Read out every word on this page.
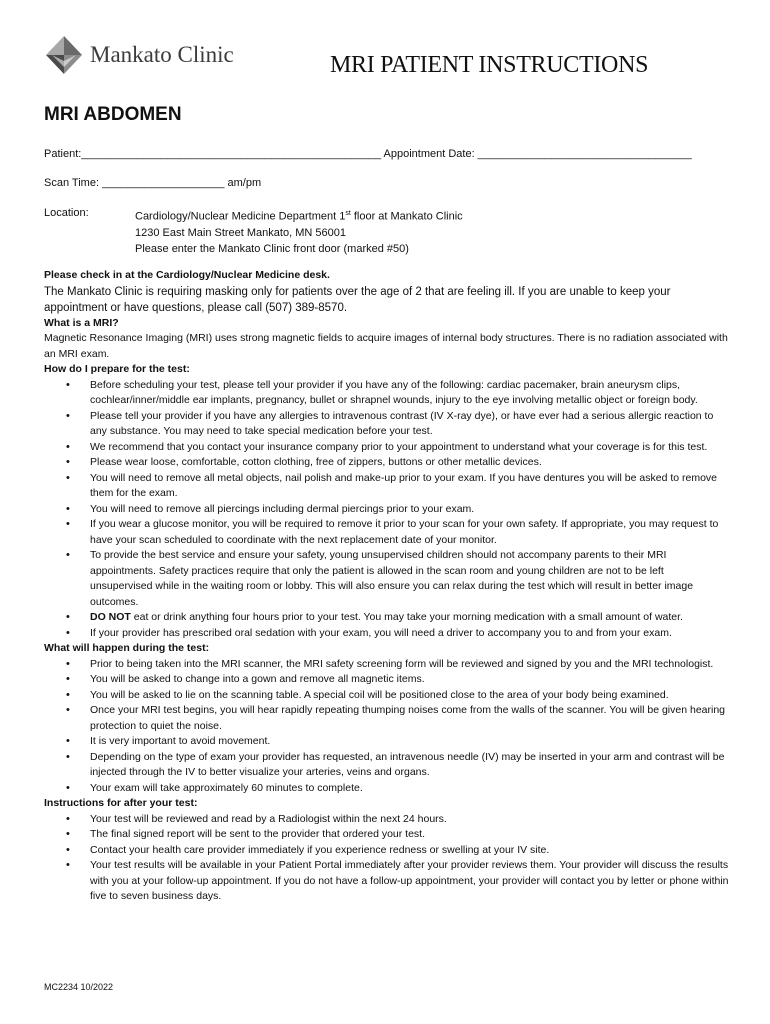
Mankato Clinic	MRI PATIENT INSTRUCTIONS
MRI ABDOMEN
Patient:_________________________________________________ Appointment Date: ___________________________________
Scan Time: ____________________ am/pm
Location:	Cardiology/Nuclear Medicine Department 1st floor at Mankato Clinic
1230 East Main Street Mankato, MN 56001
Please enter the Mankato Clinic front door (marked #50)
Please check in at the Cardiology/Nuclear Medicine desk.
The Mankato Clinic is requiring masking only for patients over the age of 2 that are feeling ill. If you are unable to keep your appointment or have questions, please call (507) 389-8570.
What is a MRI?
Magnetic Resonance Imaging (MRI) uses strong magnetic fields to acquire images of internal body structures. There is no radiation associated with an MRI exam.
How do I prepare for the test:
• Before scheduling your test, please tell your provider if you have any of the following: cardiac pacemaker, brain aneurysm clips, cochlear/inner/middle ear implants, pregnancy, bullet or shrapnel wounds, injury to the eye involving metallic object or foreign body.
• Please tell your provider if you have any allergies to intravenous contrast (IV X-ray dye), or have ever had a serious allergic reaction to any substance. You may need to take special medication before your test.
• We recommend that you contact your insurance company prior to your appointment to understand what your coverage is for this test.
• Please wear loose, comfortable, cotton clothing, free of zippers, buttons or other metallic devices.
• You will need to remove all metal objects, nail polish and make-up prior to your exam. If you have dentures you will be asked to remove them for the exam.
• You will need to remove all piercings including dermal piercings prior to your exam.
• If you wear a glucose monitor, you will be required to remove it prior to your scan for your own safety. If appropriate, you may request to have your scan scheduled to coordinate with the next replacement date of your monitor.
• To provide the best service and ensure your safety, young unsupervised children should not accompany parents to their MRI appointments. Safety practices require that only the patient is allowed in the scan room and young children are not to be left unsupervised while in the waiting room or lobby. This will also ensure you can relax during the test which will result in better image outcomes.
• DO NOT eat or drink anything four hours prior to your test. You may take your morning medication with a small amount of water.
• If your provider has prescribed oral sedation with your exam, you will need a driver to accompany you to and from your exam.
What will happen during the test:
• Prior to being taken into the MRI scanner, the MRI safety screening form will be reviewed and signed by you and the MRI technologist.
• You will be asked to change into a gown and remove all magnetic items.
• You will be asked to lie on the scanning table. A special coil will be positioned close to the area of your body being examined.
• Once your MRI test begins, you will hear rapidly repeating thumping noises come from the walls of the scanner. You will be given hearing protection to quiet the noise.
• It is very important to avoid movement.
• Depending on the type of exam your provider has requested, an intravenous needle (IV) may be inserted in your arm and contrast will be injected through the IV to better visualize your arteries, veins and organs.
• Your exam will take approximately 60 minutes to complete.
Instructions for after your test:
• Your test will be reviewed and read by a Radiologist within the next 24 hours.
• The final signed report will be sent to the provider that ordered your test.
• Contact your health care provider immediately if you experience redness or swelling at your IV site.
• Your test results will be available in your Patient Portal immediately after your provider reviews them. Your provider will discuss the results with you at your follow-up appointment. If you do not have a follow-up appointment, your provider will contact you by letter or phone within five to seven business days.
MC2234 10/2022
